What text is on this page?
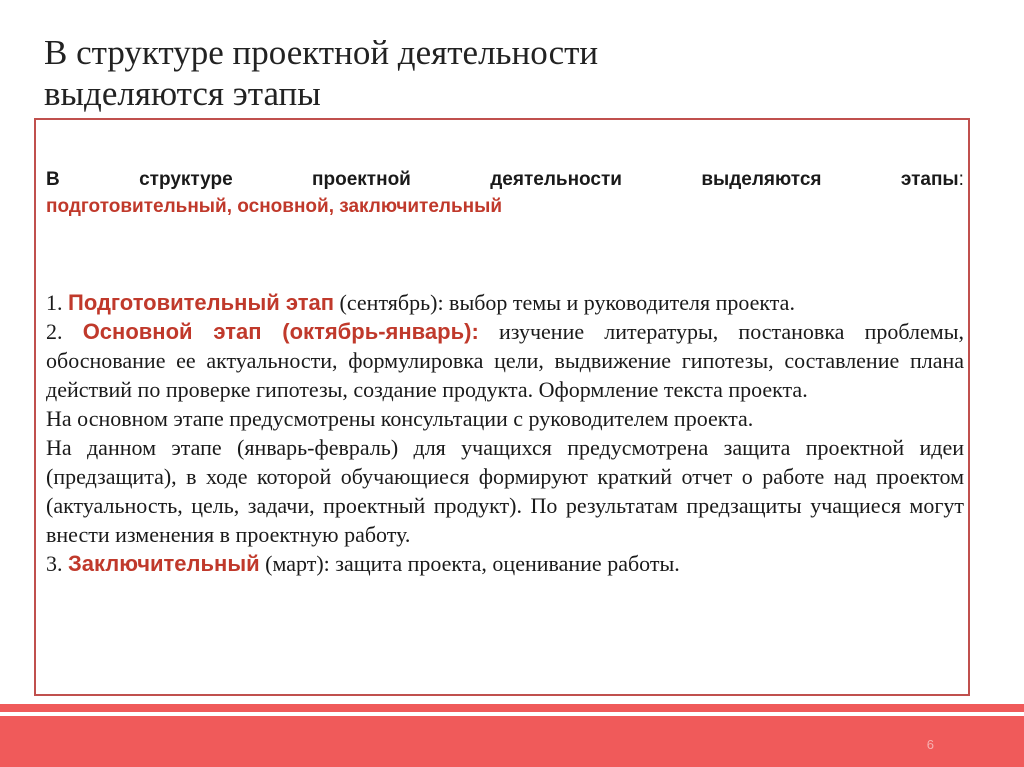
В структуре проектной деятельности
выделяются этапы
В	структуре	проектной	деятельности	выделяются	этапы:
подготовительный, основной, заключительный

1. Подготовительный этап (сентябрь): выбор темы и руководителя проекта.

2. Основной этап (октябрь-январь): изучение литературы, постановка проблемы, обоснование ее актуальности, формулировка цели, выдвижение гипотезы, составление плана действий по проверке гипотезы, создание продукта. Оформление текста проекта.

На основном этапе предусмотрены консультации с руководителем проекта.

На данном этапе (январь-февраль) для учащихся предусмотрена защита проектной идеи (предзащита), в ходе которой обучающиеся формируют краткий отчет о работе над проектом (актуальность, цель, задачи, проектный продукт). По результатам предзащиты учащиеся могут внести изменения в проектную работу.

3. Заключительный (март): защита проекта, оценивание работы.

6
